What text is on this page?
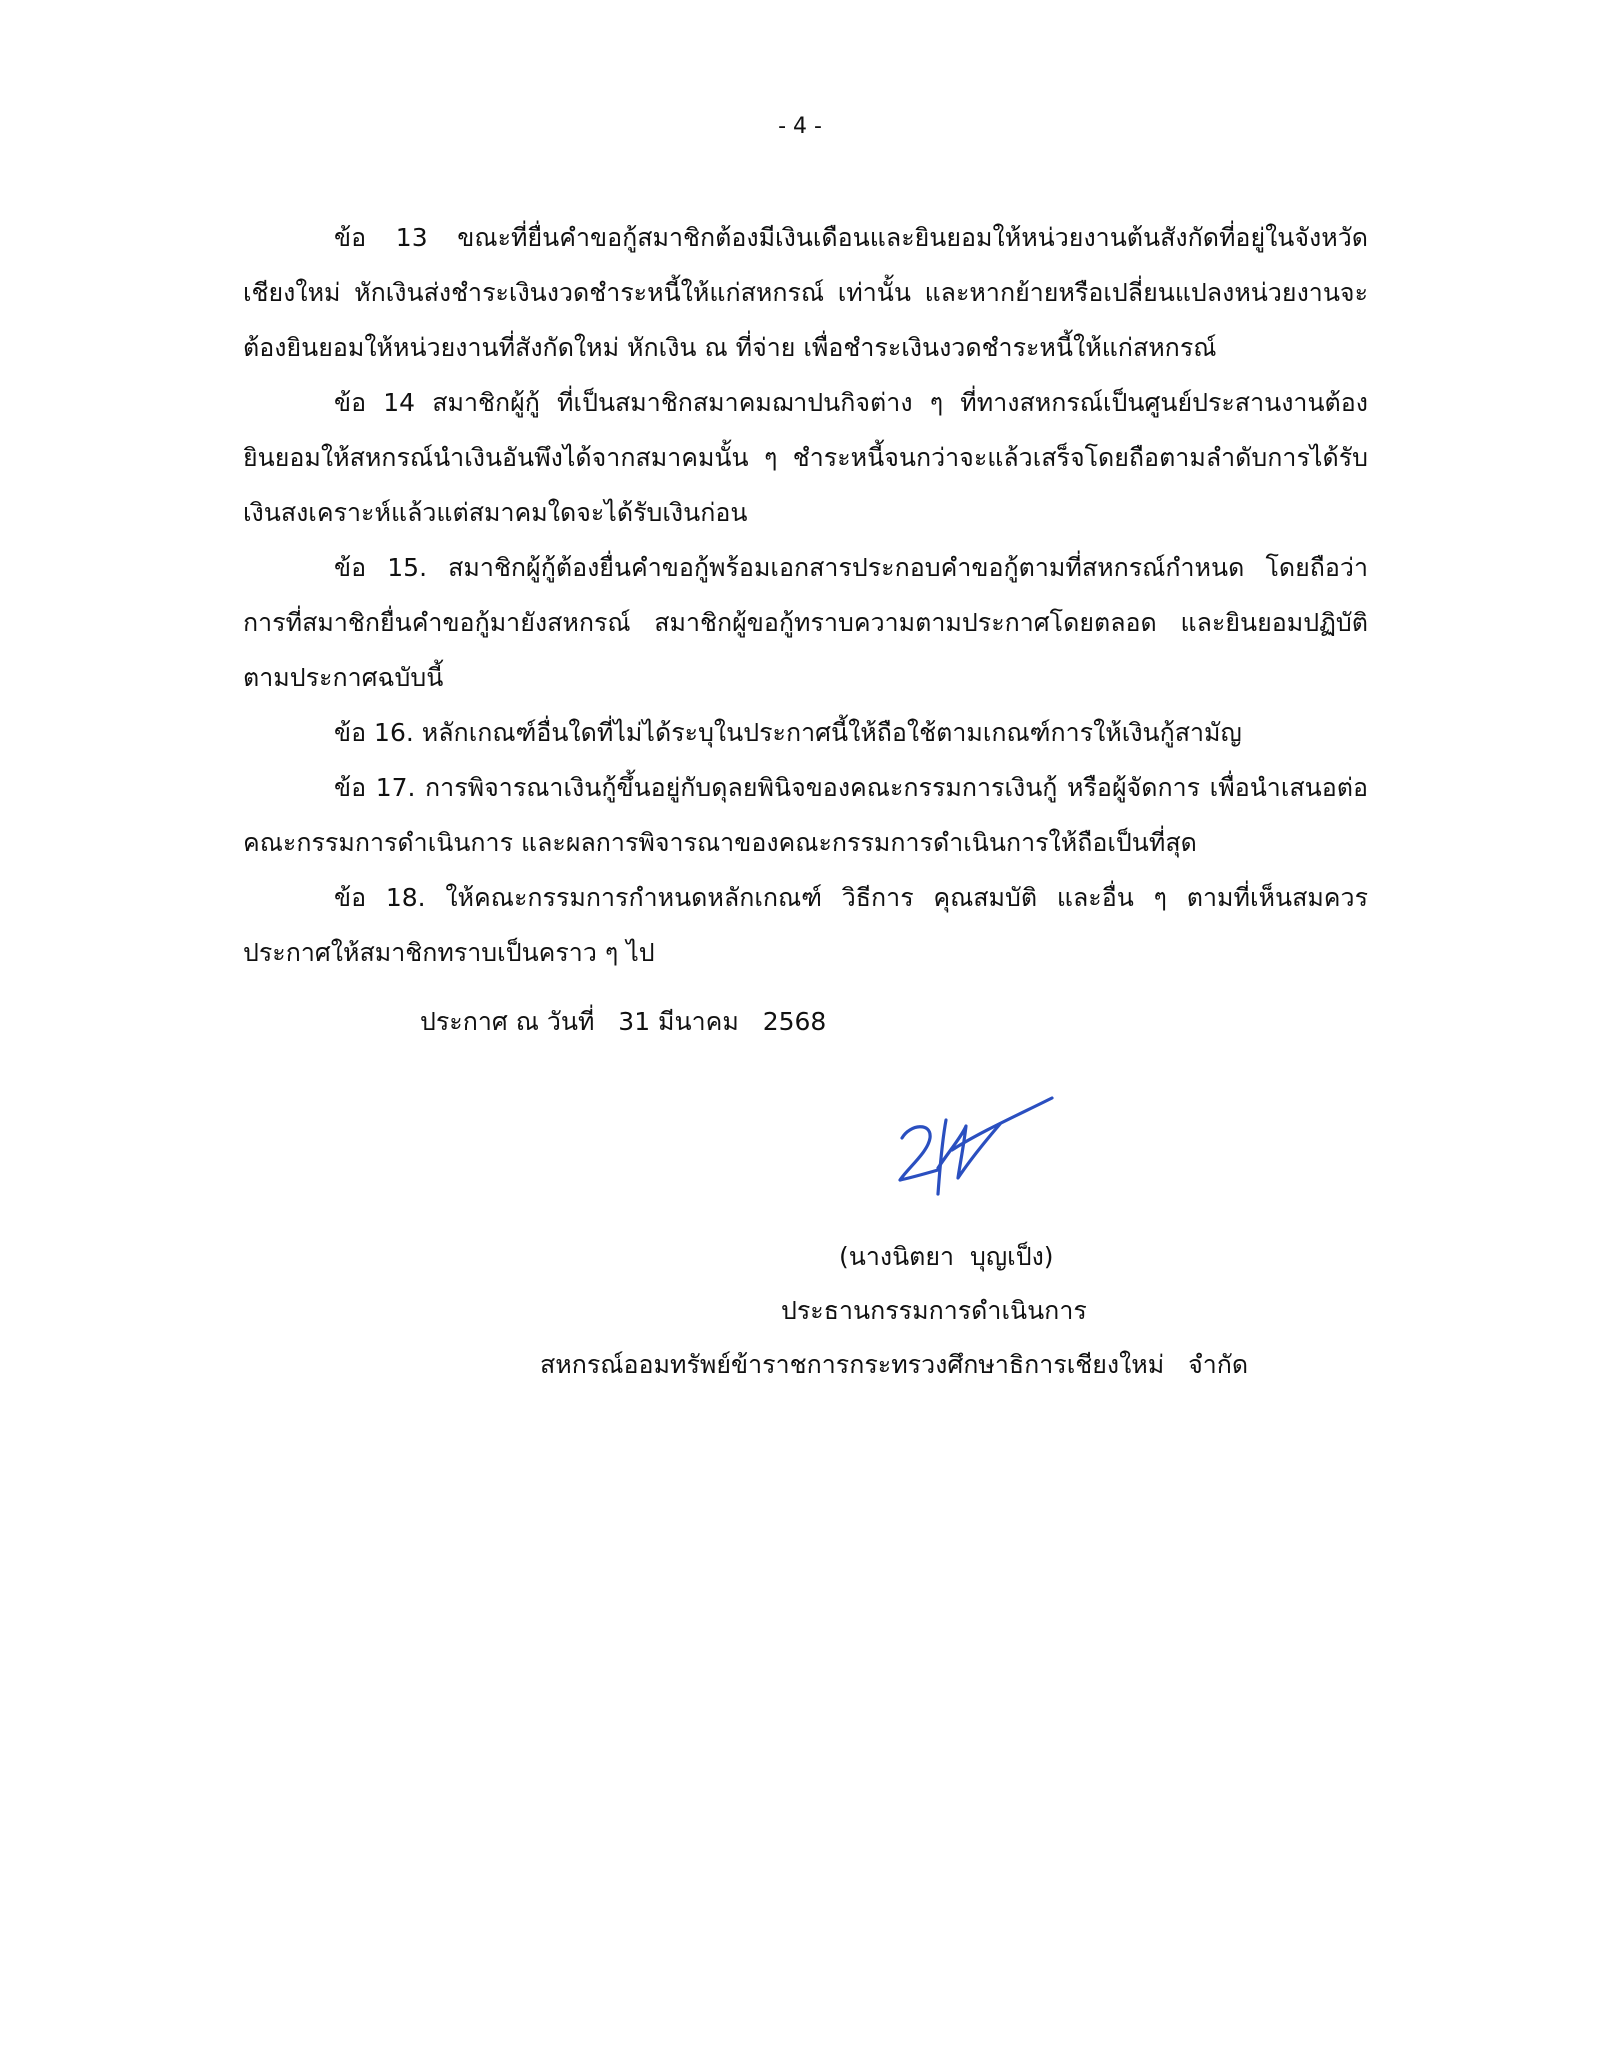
- 4 -

ข้อ 13 ขณะที่ยื่นคำขอกู้สมาชิกต้องมีเงินเดือนและยินยอมให้หน่วยงานต้นสังกัดที่อยู่ในจังหวัดเชียงใหม่ หักเงินส่งชำระเงินงวดชำระหนี้ให้แก่สหกรณ์ เท่านั้น และหากย้ายหรือเปลี่ยนแปลงหน่วยงานจะต้องยินยอมให้หน่วยงานที่สังกัดใหม่ หักเงิน ณ ที่จ่าย เพื่อชำระเงินงวดชำระหนี้ให้แก่สหกรณ์

ข้อ 14 สมาชิกผู้กู้ ที่เป็นสมาชิกสมาคมฌาปนกิจต่าง ๆ ที่ทางสหกรณ์เป็นศูนย์ประสานงานต้องยินยอมให้สหกรณ์นำเงินอันพึงได้จากสมาคมนั้น ๆ ชำระหนี้จนกว่าจะแล้วเสร็จโดยถือตามลำดับการได้รับเงินสงเคราะห์แล้วแต่สมาคมใดจะได้รับเงินก่อน

ข้อ 15. สมาชิกผู้กู้ต้องยื่นคำขอกู้พร้อมเอกสารประกอบคำขอกู้ตามที่สหกรณ์กำหนด โดยถือว่าการที่สมาชิกยื่นคำขอกู้มายังสหกรณ์ สมาชิกผู้ขอกู้ทราบความตามประกาศโดยตลอด และยินยอมปฏิบัติตามประกาศฉบับนี้

ข้อ 16. หลักเกณฑ์อื่นใดที่ไม่ได้ระบุในประกาศนี้ให้ถือใช้ตามเกณฑ์การให้เงินกู้สามัญ

ข้อ 17. การพิจารณาเงินกู้ขึ้นอยู่กับดุลยพินิจของคณะกรรมการเงินกู้ หรือผู้จัดการ เพื่อนำเสนอต่อคณะกรรมการดำเนินการ และผลการพิจารณาของคณะกรรมการดำเนินการให้ถือเป็นที่สุด

ข้อ 18. ให้คณะกรรมการกำหนดหลักเกณฑ์ วิธีการ คุณสมบัติ และอื่น ๆ ตามที่เห็นสมควรประกาศให้สมาชิกทราบเป็นคราว ๆ ไป

ประกาศ ณ วันที่   31 มีนาคม   2568
(นางนิตยา  บุญเป็ง)
ประธานกรรมการดำเนินการ
สหกรณ์ออมทรัพย์ข้าราชการกระทรวงศึกษาธิการเชียงใหม่   จำกัด
